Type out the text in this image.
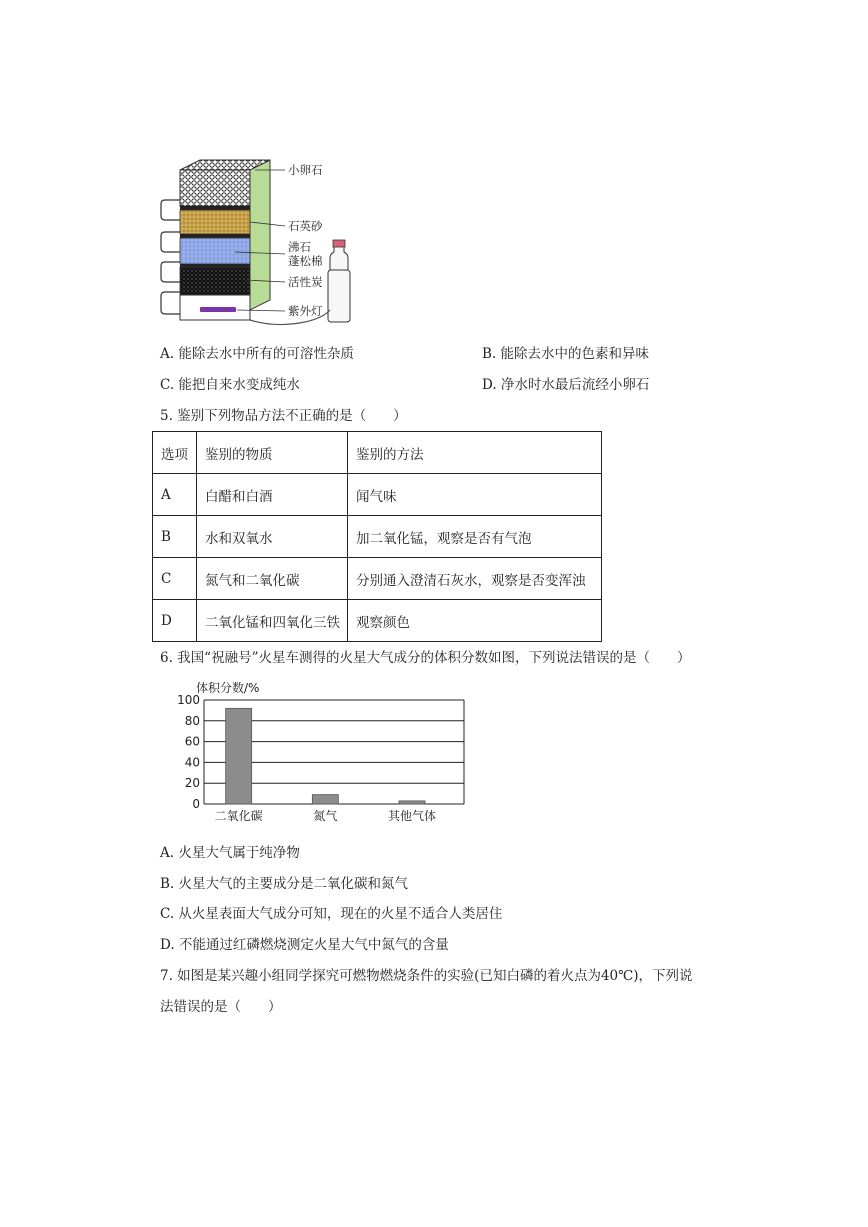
小卵石
石英砂
沸石
蓬松棉
活性炭
紫外灯
A. 能除去水中所有的可溶性杂质	B. 能除去水中的色素和异味
C. 能把自来水变成纯水	D. 净水时水最后流经小卵石
5. 鉴别下列物品方法不正确的是（　　）
选项	鉴别的物质	鉴别的方法
A	白醋和白酒	闻气味
B	水和双氧水	加二氧化锰，观察是否有气泡
C	氮气和二氧化碳	分别通入澄清石灰水，观察是否变浑浊
D	二氧化锰和四氧化三铁	观察颜色
6. 我国“祝融号”火星车测得的火星大气成分的体积分数如图，下列说法错误的是（　　）
体积分数/%
0
20
40
60
80
100
二氧化碳	氮气	其他气体
A. 火星大气属于纯净物
B. 火星大气的主要成分是二氧化碳和氮气
C. 从火星表面大气成分可知，现在的火星不适合人类居住
D. 不能通过红磷燃烧测定火星大气中氮气的含量
7. 如图是某兴趣小组同学探究可燃物燃烧条件的实验(已知白磷的着火点为40℃)，下列说
法错误的是（　　）
